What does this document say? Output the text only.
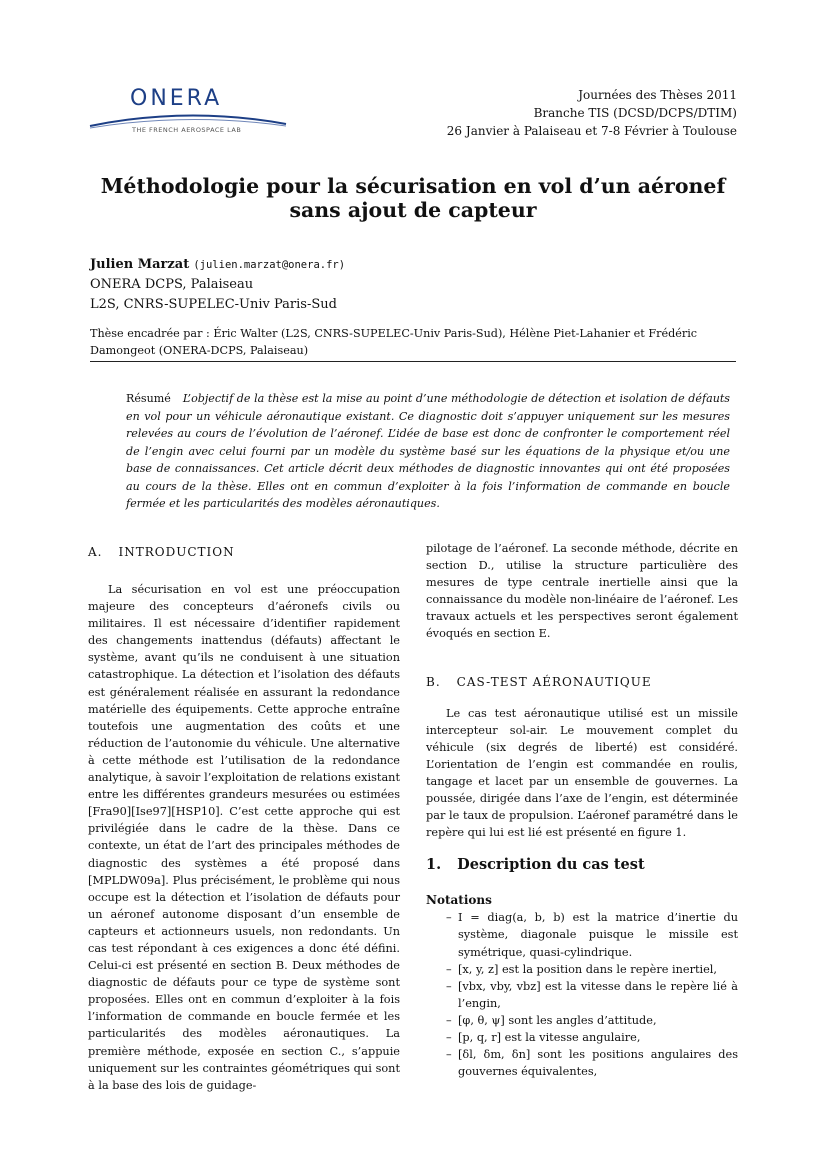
ONERA
THE FRENCH AEROSPACE LAB
Journées des Thèses 2011
Branche TIS (DCSD/DCPS/DTIM)
26 Janvier à Palaiseau et 7-8 Février à Toulouse
Méthodologie pour la sécurisation en vol d’un aéronef
sans ajout de capteur
Julien Marzat (julien.marzat@onera.fr)
ONERA DCPS, Palaiseau
L2S, CNRS-SUPELEC-Univ Paris-Sud
Thèse encadrée par : Éric Walter (L2S, CNRS-SUPELEC-Univ Paris-Sud), Hélène Piet-Lahanier et Frédéric Damongeot (ONERA-DCPS, Palaiseau)
Résumé L’objectif de la thèse est la mise au point d’une méthodologie de détection et isolation de défauts en vol pour un véhicule aéronautique existant. Ce diagnostic doit s’appuyer uniquement sur les mesures relevées au cours de l’évolution de l’aéronef. L’idée de base est donc de confronter le comportement réel de l’engin avec celui fourni par un modèle du système basé sur les équations de la physique et/ou une base de connaissances. Cet article décrit deux méthodes de diagnostic innovantes qui ont été proposées au cours de la thèse. Elles ont en commun d’exploiter à la fois l’information de commande en boucle fermée et les particularités des modèles aéronautiques.
A. INTRODUCTION

La sécurisation en vol est une préoccupation majeure des concepteurs d’aéronefs civils ou militaires. Il est nécessaire d’identifier rapidement des changements inattendus (défauts) affectant le système, avant qu’ils ne conduisent à une situation catastrophique. La détection et l’isolation des défauts est généralement réalisée en assurant la redondance matérielle des équipements. Cette approche entraîne toutefois une augmentation des coûts et une réduction de l’autonomie du véhicule. Une alternative à cette méthode est l’utilisation de la redondance analytique, à savoir l’exploitation de relations existant entre les différentes grandeurs mesurées ou estimées [Fra90][Ise97][HSP10]. C’est cette approche qui est privilégiée dans le cadre de la thèse. Dans ce contexte, un état de l’art des principales méthodes de diagnostic des systèmes a été proposé dans [MPLDW09a]. Plus précisément, le problème qui nous occupe est la détection et l’isolation de défauts pour un aéronef autonome disposant d’un ensemble de capteurs et actionneurs usuels, non redondants. Un cas test répondant à ces exigences a donc été défini. Celui-ci est présenté en section B. Deux méthodes de diagnostic de défauts pour ce type de système sont proposées. Elles ont en commun d’exploiter à la fois l’information de commande en boucle fermée et les particularités des modèles aéronautiques. La première méthode, exposée en section C., s’appuie uniquement sur les contraintes géométriques qui sont à la base des lois de guidage-

pilotage de l’aéronef. La seconde méthode, décrite en section D., utilise la structure particulière des mesures de type centrale inertielle ainsi que la connaissance du modèle non-linéaire de l’aéronef. Les travaux actuels et les perspectives seront également évoqués en section E.

B. CAS-TEST AÉRONAUTIQUE

Le cas test aéronautique utilisé est un missile intercepteur sol-air. Le mouvement complet du véhicule (six degrés de liberté) est considéré. L’orientation de l’engin est commandée en roulis, tangage et lacet par un ensemble de gouvernes. La poussée, dirigée dans l’axe de l’engin, est déterminée par le taux de propulsion. L’aéronef paramétré dans le repère qui lui est lié est présenté en figure 1.

1. Description du cas test
Notations
– I = diag(a, b, b) est la matrice d’inertie du système, diagonale puisque le missile est symétrique, quasi-cylindrique.
– [x, y, z] est la position dans le repère inertiel,
– [vbx, vby, vbz] est la vitesse dans le repère lié à l’engin,
– [φ, θ, ψ] sont les angles d’attitude,
– [p, q, r] est la vitesse angulaire,
– [δl, δm, δn] sont les positions angulaires des gouvernes équivalentes,
